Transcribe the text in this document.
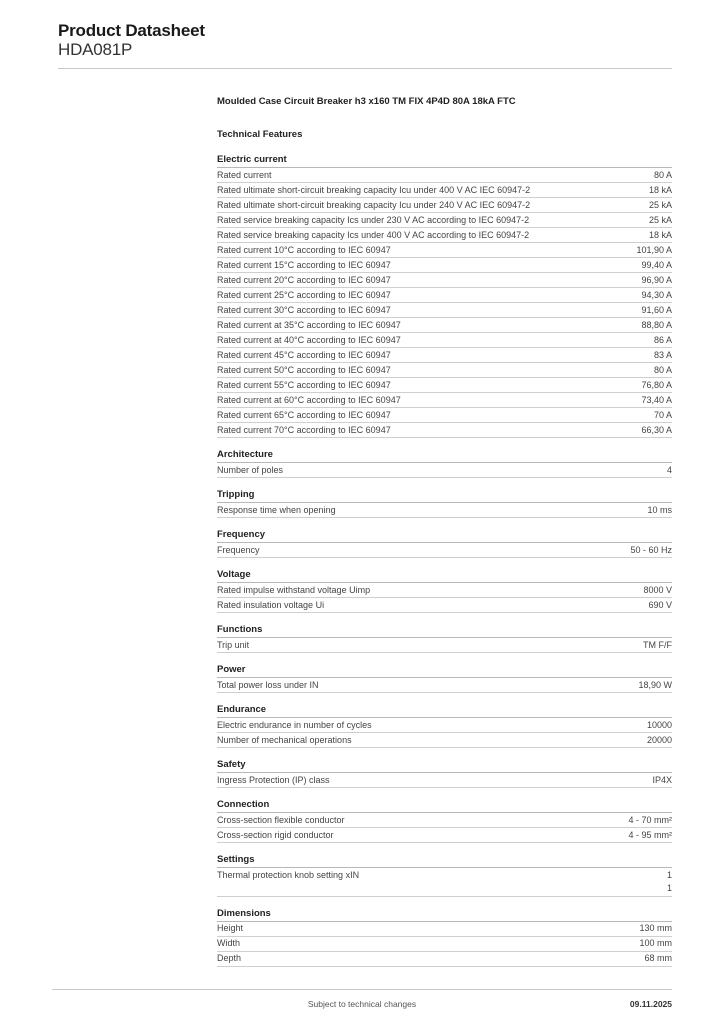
Product Datasheet
HDA081P
Moulded Case Circuit Breaker h3 x160 TM FIX 4P4D 80A 18kA FTC
Technical Features
Electric current
Rated current	80 A
Rated ultimate short-circuit breaking capacity Icu under 400 V AC IEC 60947-2	18 kA
Rated ultimate short-circuit breaking capacity Icu under 240 V AC IEC 60947-2	25 kA
Rated service breaking capacity Ics under 230 V AC according to IEC 60947-2	25 kA
Rated service breaking capacity Ics under 400 V AC according to IEC 60947-2	18 kA
Rated current 10°C according to IEC 60947	101,90 A
Rated current 15°C according to IEC 60947	99,40 A
Rated current 20°C according to IEC 60947	96,90 A
Rated current 25°C according to IEC 60947	94,30 A
Rated current 30°C according to IEC 60947	91,60 A
Rated current at 35°C according to IEC 60947	88,80 A
Rated current at 40°C according to IEC 60947	86 A
Rated current 45°C according to IEC 60947	83 A
Rated current 50°C according to IEC 60947	80 A
Rated current 55°C according to IEC 60947	76,80 A
Rated current at 60°C according to IEC 60947	73,40 A
Rated current 65°C according to IEC 60947	70 A
Rated current 70°C according to IEC 60947	66,30 A
Architecture
Number of poles	4
Tripping
Response time when opening	10 ms
Frequency
Frequency	50 - 60 Hz
Voltage
Rated impulse withstand voltage Uimp	8000 V
Rated insulation voltage Ui	690 V
Functions
Trip unit	TM F/F
Power
Total power loss under IN	18,90 W
Endurance
Electric endurance in number of cycles	10000
Number of mechanical operations	20000
Safety
Ingress Protection (IP) class	IP4X
Connection
Cross-section flexible conductor	4 - 70 mm²
Cross-section rigid conductor	4 - 95 mm²
Settings
Thermal protection knob setting xIN	1
1
Dimensions
Height	130 mm
Width	100 mm
Depth	68 mm
Subject to technical changes	09.11.2025
